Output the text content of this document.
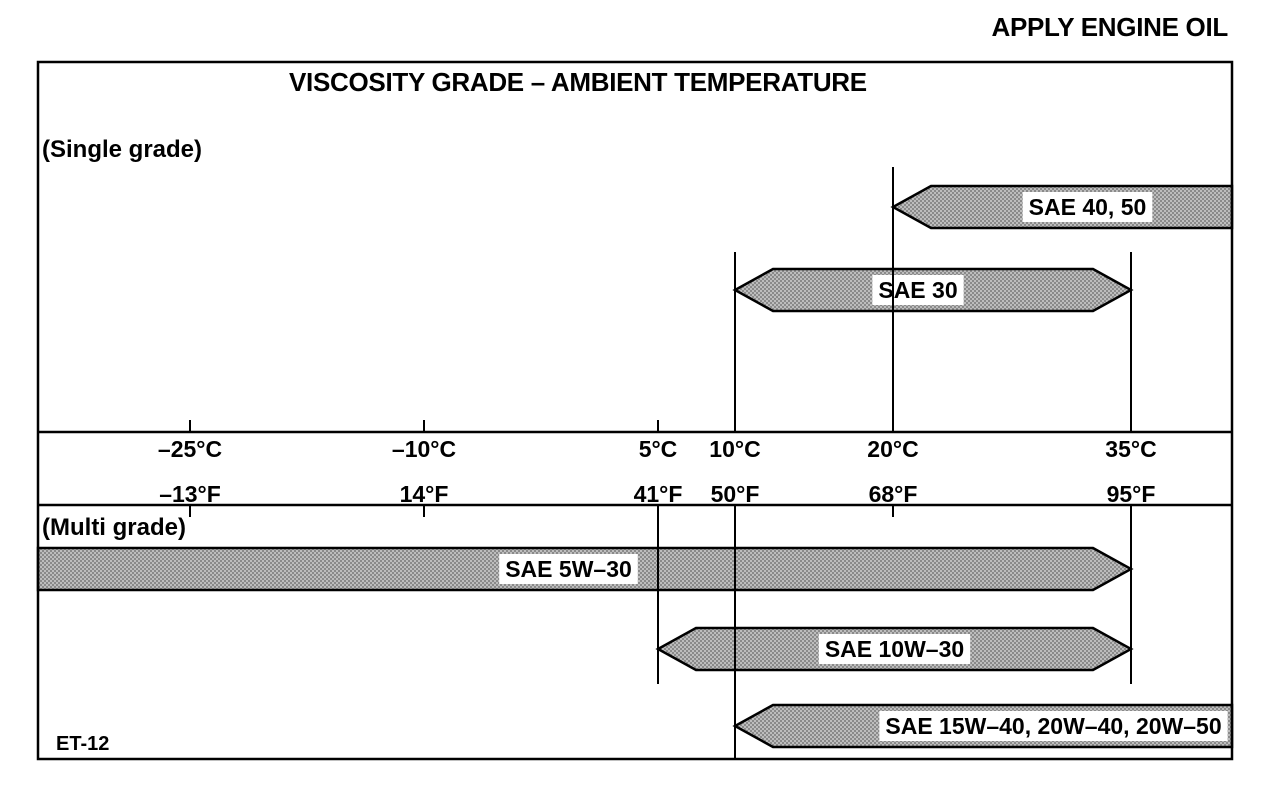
–25°C
–13°F
–10°C
14°F
5°C
41°F
10°C
50°F
20°C
68°F
35°C
95°F
SAE 40, 50
SAE 30
SAE 5W–30
SAE 10W–30
SAE 15W–40, 20W–40, 20W–50
APPLY ENGINE OIL
VISCOSITY GRADE – AMBIENT TEMPERATURE
(Single grade)
(Multi grade)
ET-12
